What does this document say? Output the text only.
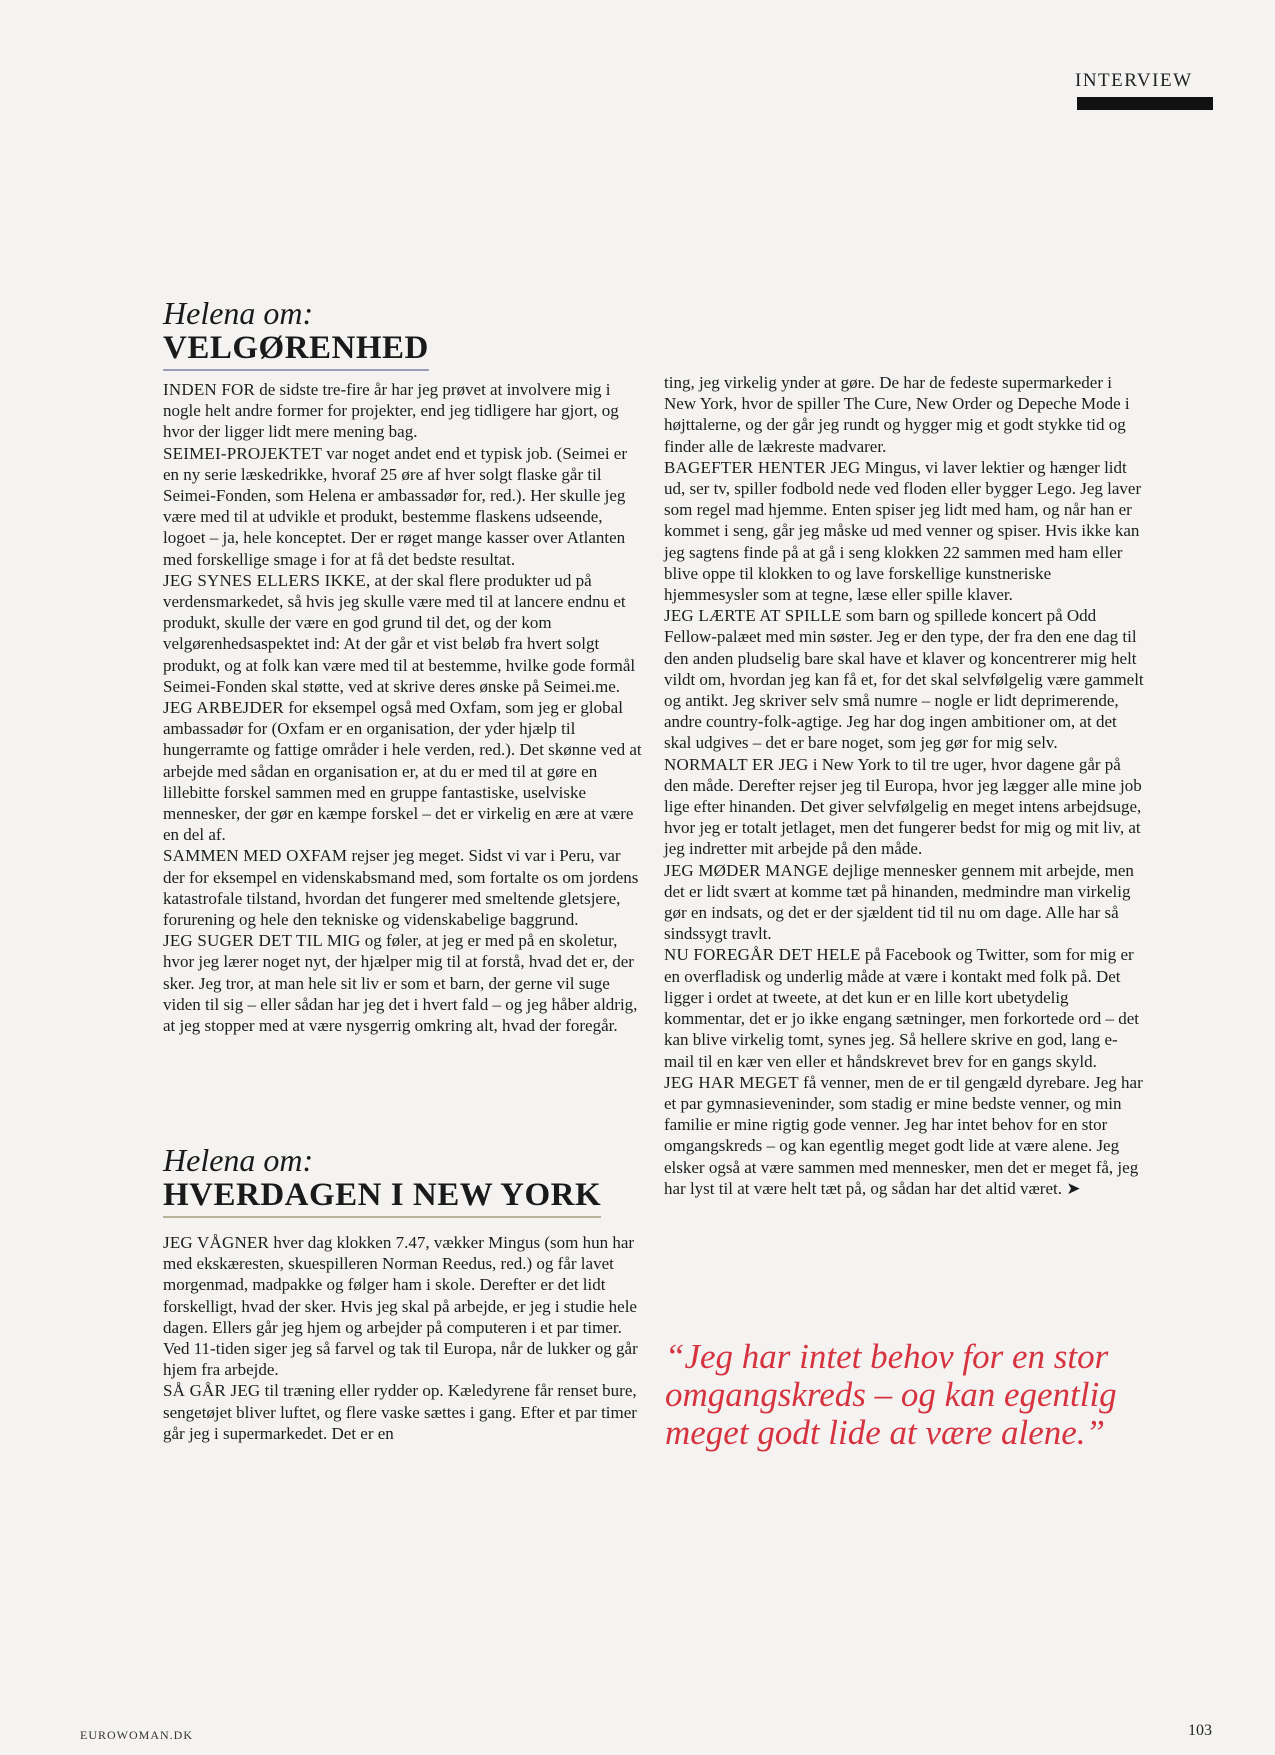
INTERVIEW

Helena om:

VELGØRENHED

INDEN FOR de sidste tre-fire år har jeg prøvet at involvere mig i nogle helt andre former for projekter, end jeg tidligere har gjort, og hvor der ligger lidt mere mening bag.

SEIMEI-PROJEKTET var noget andet end et typisk job. (Seimei er en ny serie læskedrikke, hvoraf 25 øre af hver solgt flaske går til Seimei-Fonden, som Helena er ambassadør for, red.). Her skulle jeg være med til at udvikle et produkt, bestemme flaskens udseende, logoet – ja, hele konceptet. Der er røget mange kasser over Atlanten med forskellige smage i for at få det bedste resultat.

JEG SYNES ELLERS IKKE, at der skal flere produkter ud på verdensmarkedet, så hvis jeg skulle være med til at lancere endnu et produkt, skulle der være en god grund til det, og der kom velgørenhedsaspektet ind: At der går et vist beløb fra hvert solgt produkt, og at folk kan være med til at bestemme, hvilke gode formål Seimei-Fonden skal støtte, ved at skrive deres ønske på Seimei.me.

JEG ARBEJDER for eksempel også med Oxfam, som jeg er global ambassadør for (Oxfam er en organisation, der yder hjælp til hungerramte og fattige områder i hele verden, red.). Det skønne ved at arbejde med sådan en organisation er, at du er med til at gøre en lillebitte forskel sammen med en gruppe fantastiske, uselviske mennesker, der gør en kæmpe forskel – det er virkelig en ære at være en del af.

SAMMEN MED OXFAM rejser jeg meget. Sidst vi var i Peru, var der for eksempel en videnskabsmand med, som fortalte os om jordens katastrofale tilstand, hvordan det fungerer med smeltende gletsjere, forurening og hele den tekniske og videnskabelige baggrund.

JEG SUGER DET TIL MIG og føler, at jeg er med på en skoletur, hvor jeg lærer noget nyt, der hjælper mig til at forstå, hvad det er, der sker. Jeg tror, at man hele sit liv er som et barn, der gerne vil suge viden til sig – eller sådan har jeg det i hvert fald – og jeg håber aldrig, at jeg stopper med at være nysgerrig omkring alt, hvad der foregår.

Helena om:

HVERDAGEN I NEW YORK

JEG VÅGNER hver dag klokken 7.47, vækker Mingus (som hun har med ekskæresten, skuespilleren Norman Reedus, red.) og får lavet morgenmad, madpakke og følger ham i skole. Derefter er det lidt forskelligt, hvad der sker. Hvis jeg skal på arbejde, er jeg i studie hele dagen. Ellers går jeg hjem og arbejder på computeren i et par timer. Ved 11-tiden siger jeg så farvel og tak til Europa, når de lukker og går hjem fra arbejde.

SÅ GÅR JEG til træning eller rydder op. Kæledyrene får renset bure, sengetøjet bliver luftet, og flere vaske sættes i gang. Efter et par timer går jeg i supermarkedet. Det er en

ting, jeg virkelig ynder at gøre. De har de fedeste supermarkeder i New York, hvor de spiller The Cure, New Order og Depeche Mode i højttalerne, og der går jeg rundt og hygger mig et godt stykke tid og finder alle de lækreste madvarer.

BAGEFTER HENTER JEG Mingus, vi laver lektier og hænger lidt ud, ser tv, spiller fodbold nede ved floden eller bygger Lego. Jeg laver som regel mad hjemme. Enten spiser jeg lidt med ham, og når han er kommet i seng, går jeg måske ud med venner og spiser. Hvis ikke kan jeg sagtens finde på at gå i seng klokken 22 sammen med ham eller blive oppe til klokken to og lave forskellige kunstneriske hjemmesysler som at tegne, læse eller spille klaver.

JEG LÆRTE AT SPILLE som barn og spillede koncert på Odd Fellow-palæet med min søster. Jeg er den type, der fra den ene dag til den anden pludselig bare skal have et klaver og koncentrerer mig helt vildt om, hvordan jeg kan få et, for det skal selvfølgelig være gammelt og antikt. Jeg skriver selv små numre – nogle er lidt deprimerende, andre country-folk-agtige. Jeg har dog ingen ambitioner om, at det skal udgives – det er bare noget, som jeg gør for mig selv.

NORMALT ER JEG i New York to til tre uger, hvor dagene går på den måde. Derefter rejser jeg til Europa, hvor jeg lægger alle mine job lige efter hinanden. Det giver selvfølgelig en meget intens arbejdsuge, hvor jeg er totalt jetlaget, men det fungerer bedst for mig og mit liv, at jeg indretter mit arbejde på den måde.

JEG MØDER MANGE dejlige mennesker gennem mit arbejde, men det er lidt svært at komme tæt på hinanden, medmindre man virkelig gør en indsats, og det er der sjældent tid til nu om dage. Alle har så sindssygt travlt.

NU FOREGÅR DET HELE på Facebook og Twitter, som for mig er en overfladisk og underlig måde at være i kontakt med folk på. Det ligger i ordet at tweete, at det kun er en lille kort ubetydelig kommentar, det er jo ikke engang sætninger, men forkortede ord – det kan blive virkelig tomt, synes jeg. Så hellere skrive en god, lang e-mail til en kær ven eller et håndskrevet brev for en gangs skyld.

JEG HAR MEGET få venner, men de er til gengæld dyrebare. Jeg har et par gymnasieveninder, som stadig er mine bedste venner, og min familie er mine rigtig gode venner. Jeg har intet behov for en stor omgangskreds – og kan egentlig meget godt lide at være alene. Jeg elsker også at være sammen med mennesker, men det er meget få, jeg har lyst til at være helt tæt på, og sådan har det altid været. ➤

“Jeg har intet behov for en stor omgangskreds – og kan egentlig meget godt lide at være alene.”

EUROWOMAN.DK	103
